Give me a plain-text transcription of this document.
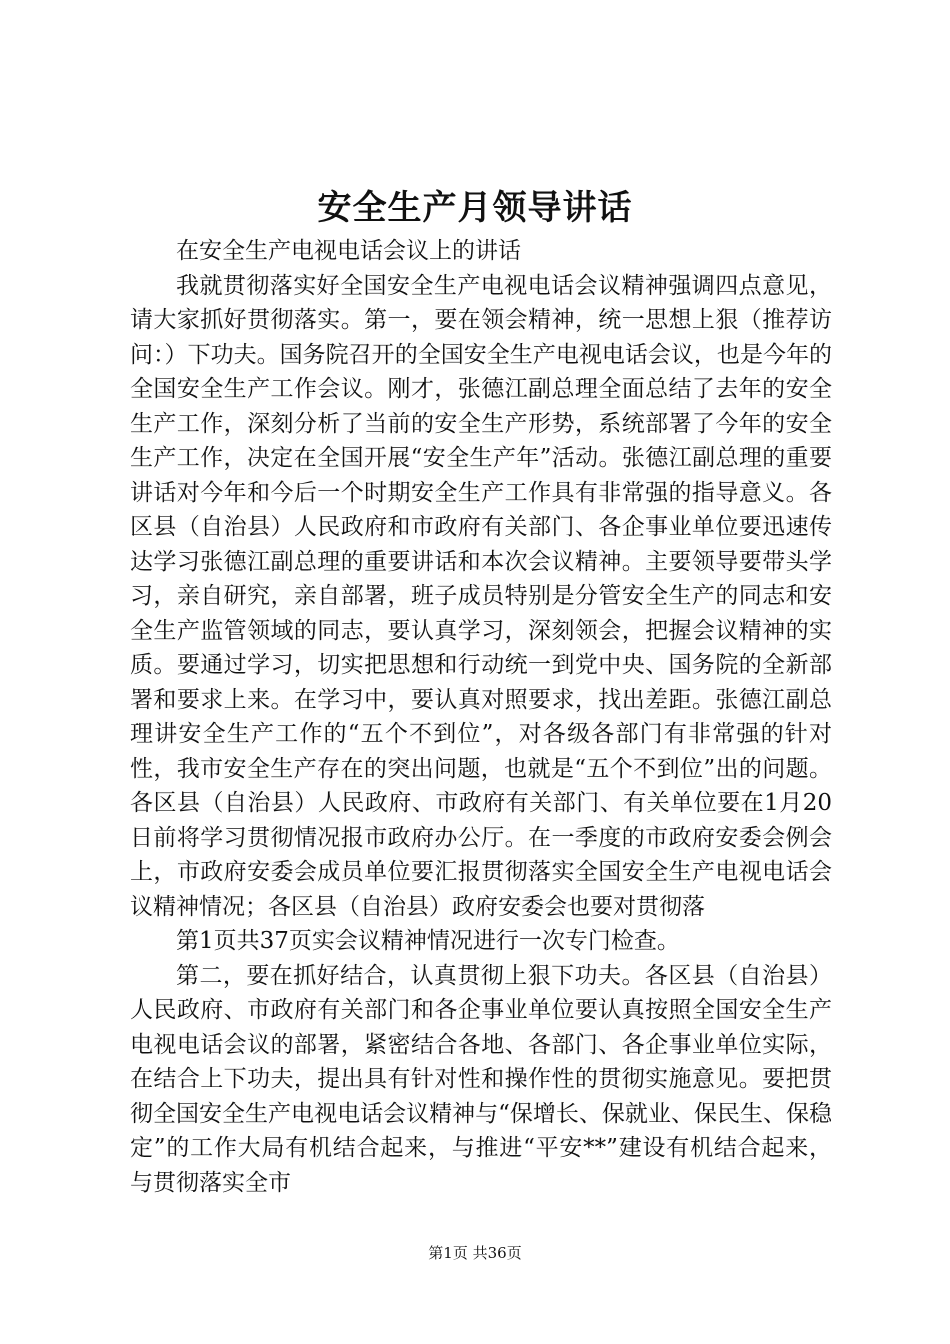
安全生产月领导讲话

在安全生产电视电话会议上的讲话

我就贯彻落实好全国安全生产电视电话会议精神强调四点意见，请大家抓好贯彻落实。第一，要在领会精神，统一思想上狠（推荐访问：）下功夫。国务院召开的全国安全生产电视电话会议，也是今年的全国安全生产工作会议。刚才，张德江副总理全面总结了去年的安全生产工作，深刻分析了当前的安全生产形势，系统部署了今年的安全生产工作，决定在全国开展“安全生产年”活动。张德江副总理的重要讲话对今年和今后一个时期安全生产工作具有非常强的指导意义。各区县（自治县）人民政府和市政府有关部门、各企事业单位要迅速传达学习张德江副总理的重要讲话和本次会议精神。主要领导要带头学习，亲自研究，亲自部署，班子成员特别是分管安全生产的同志和安全生产监管领域的同志，要认真学习，深刻领会，把握会议精神的实质。要通过学习，切实把思想和行动统一到党中央、国务院的全新部署和要求上来。在学习中，要认真对照要求，找出差距。张德江副总理讲安全生产工作的“五个不到位”，对各级各部门有非常强的针对性，我市安全生产存在的突出问题，也就是“五个不到位”出的问题。各区县（自治县）人民政府、市政府有关部门、有关单位要在1月20日前将学习贯彻情况报市政府办公厅。在一季度的市政府安委会例会上，市政府安委会成员单位要汇报贯彻落实全国安全生产电视电话会议精神情况；各区县（自治县）政府安委会也要对贯彻落

第1页共37页实会议精神情况进行一次专门检查。

第二，要在抓好结合，认真贯彻上狠下功夫。各区县（自治县）人民政府、市政府有关部门和各企事业单位要认真按照全国安全生产电视电话会议的部署，紧密结合各地、各部门、各企事业单位实际，在结合上下功夫，提出具有针对性和操作性的贯彻实施意见。要把贯彻全国安全生产电视电话会议精神与“保增长、保就业、保民生、保稳定”的工作大局有机结合起来，与推进“平安**”建设有机结合起来，与贯彻落实全市

第1页 共36页
